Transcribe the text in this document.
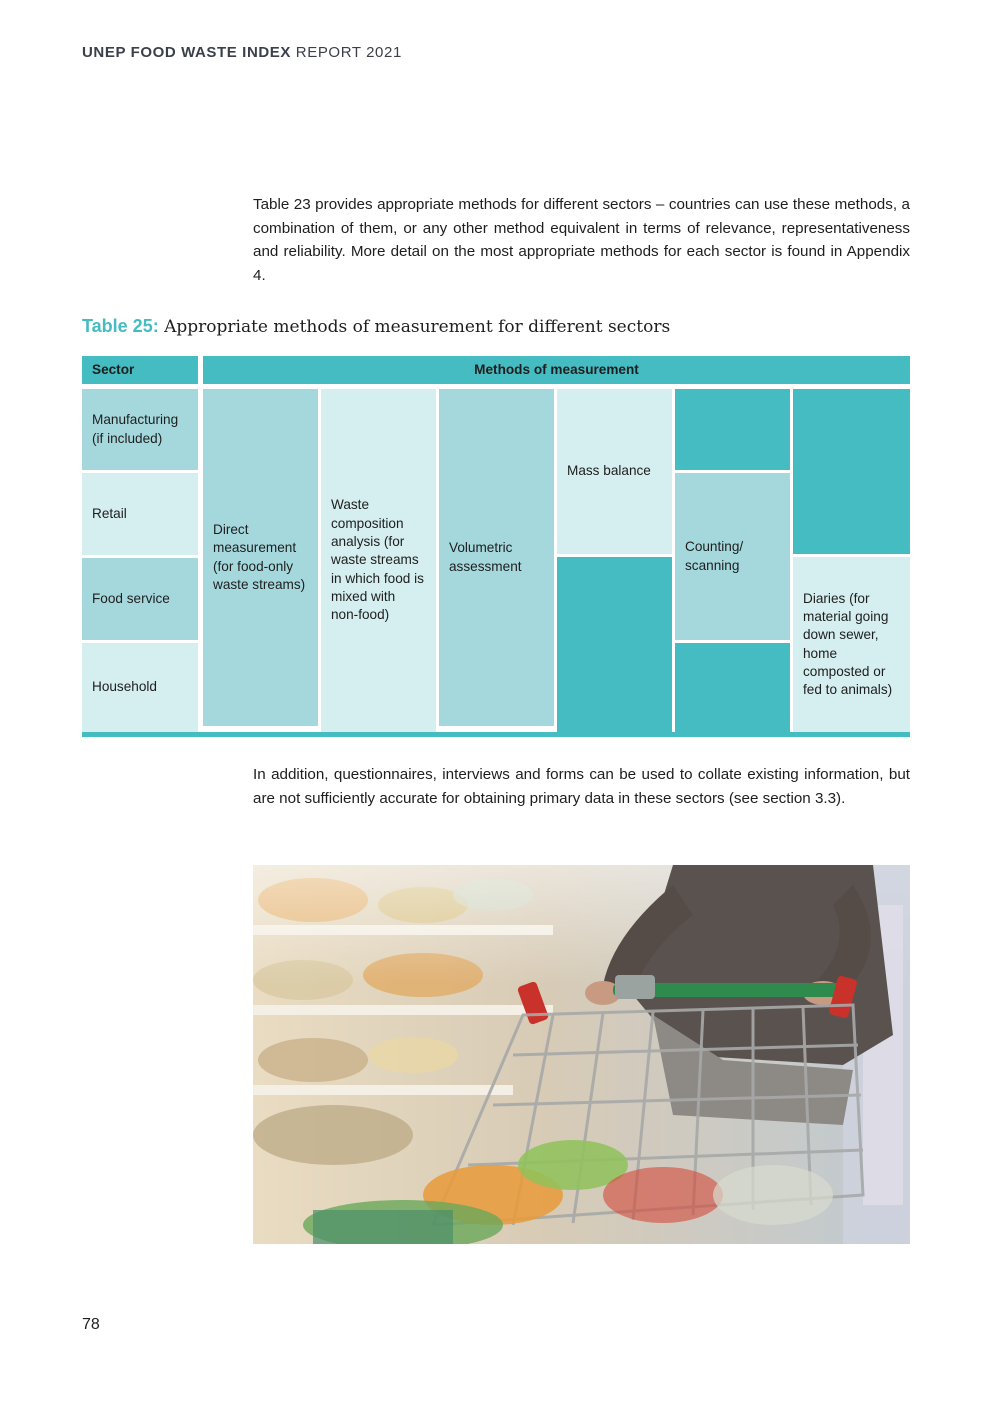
UNEP FOOD WASTE INDEX REPORT 2021

Table 23 provides appropriate methods for different sectors – countries can use these methods, a combination of them, or any other method equivalent in terms of relevance, representativeness and reliability. More detail on the most appropriate methods for each sector is found in Appendix 4.

Table 25: Appropriate methods of measurement for different sectors
Sector	Methods of measurement
Manufacturing (if included)
Retail
Food service
Household
Direct measurement (for food-only waste streams)
Waste composition analysis (for waste streams in which food is mixed with non-food)
Volumetric assessment
Mass balance
Counting/ scanning
Diaries (for material going down sewer, home composted or fed to animals)

In addition, questionnaires, interviews and forms can be used to collate existing information, but are not sufficiently accurate for obtaining primary data in these sectors (see section 3.3).

78
